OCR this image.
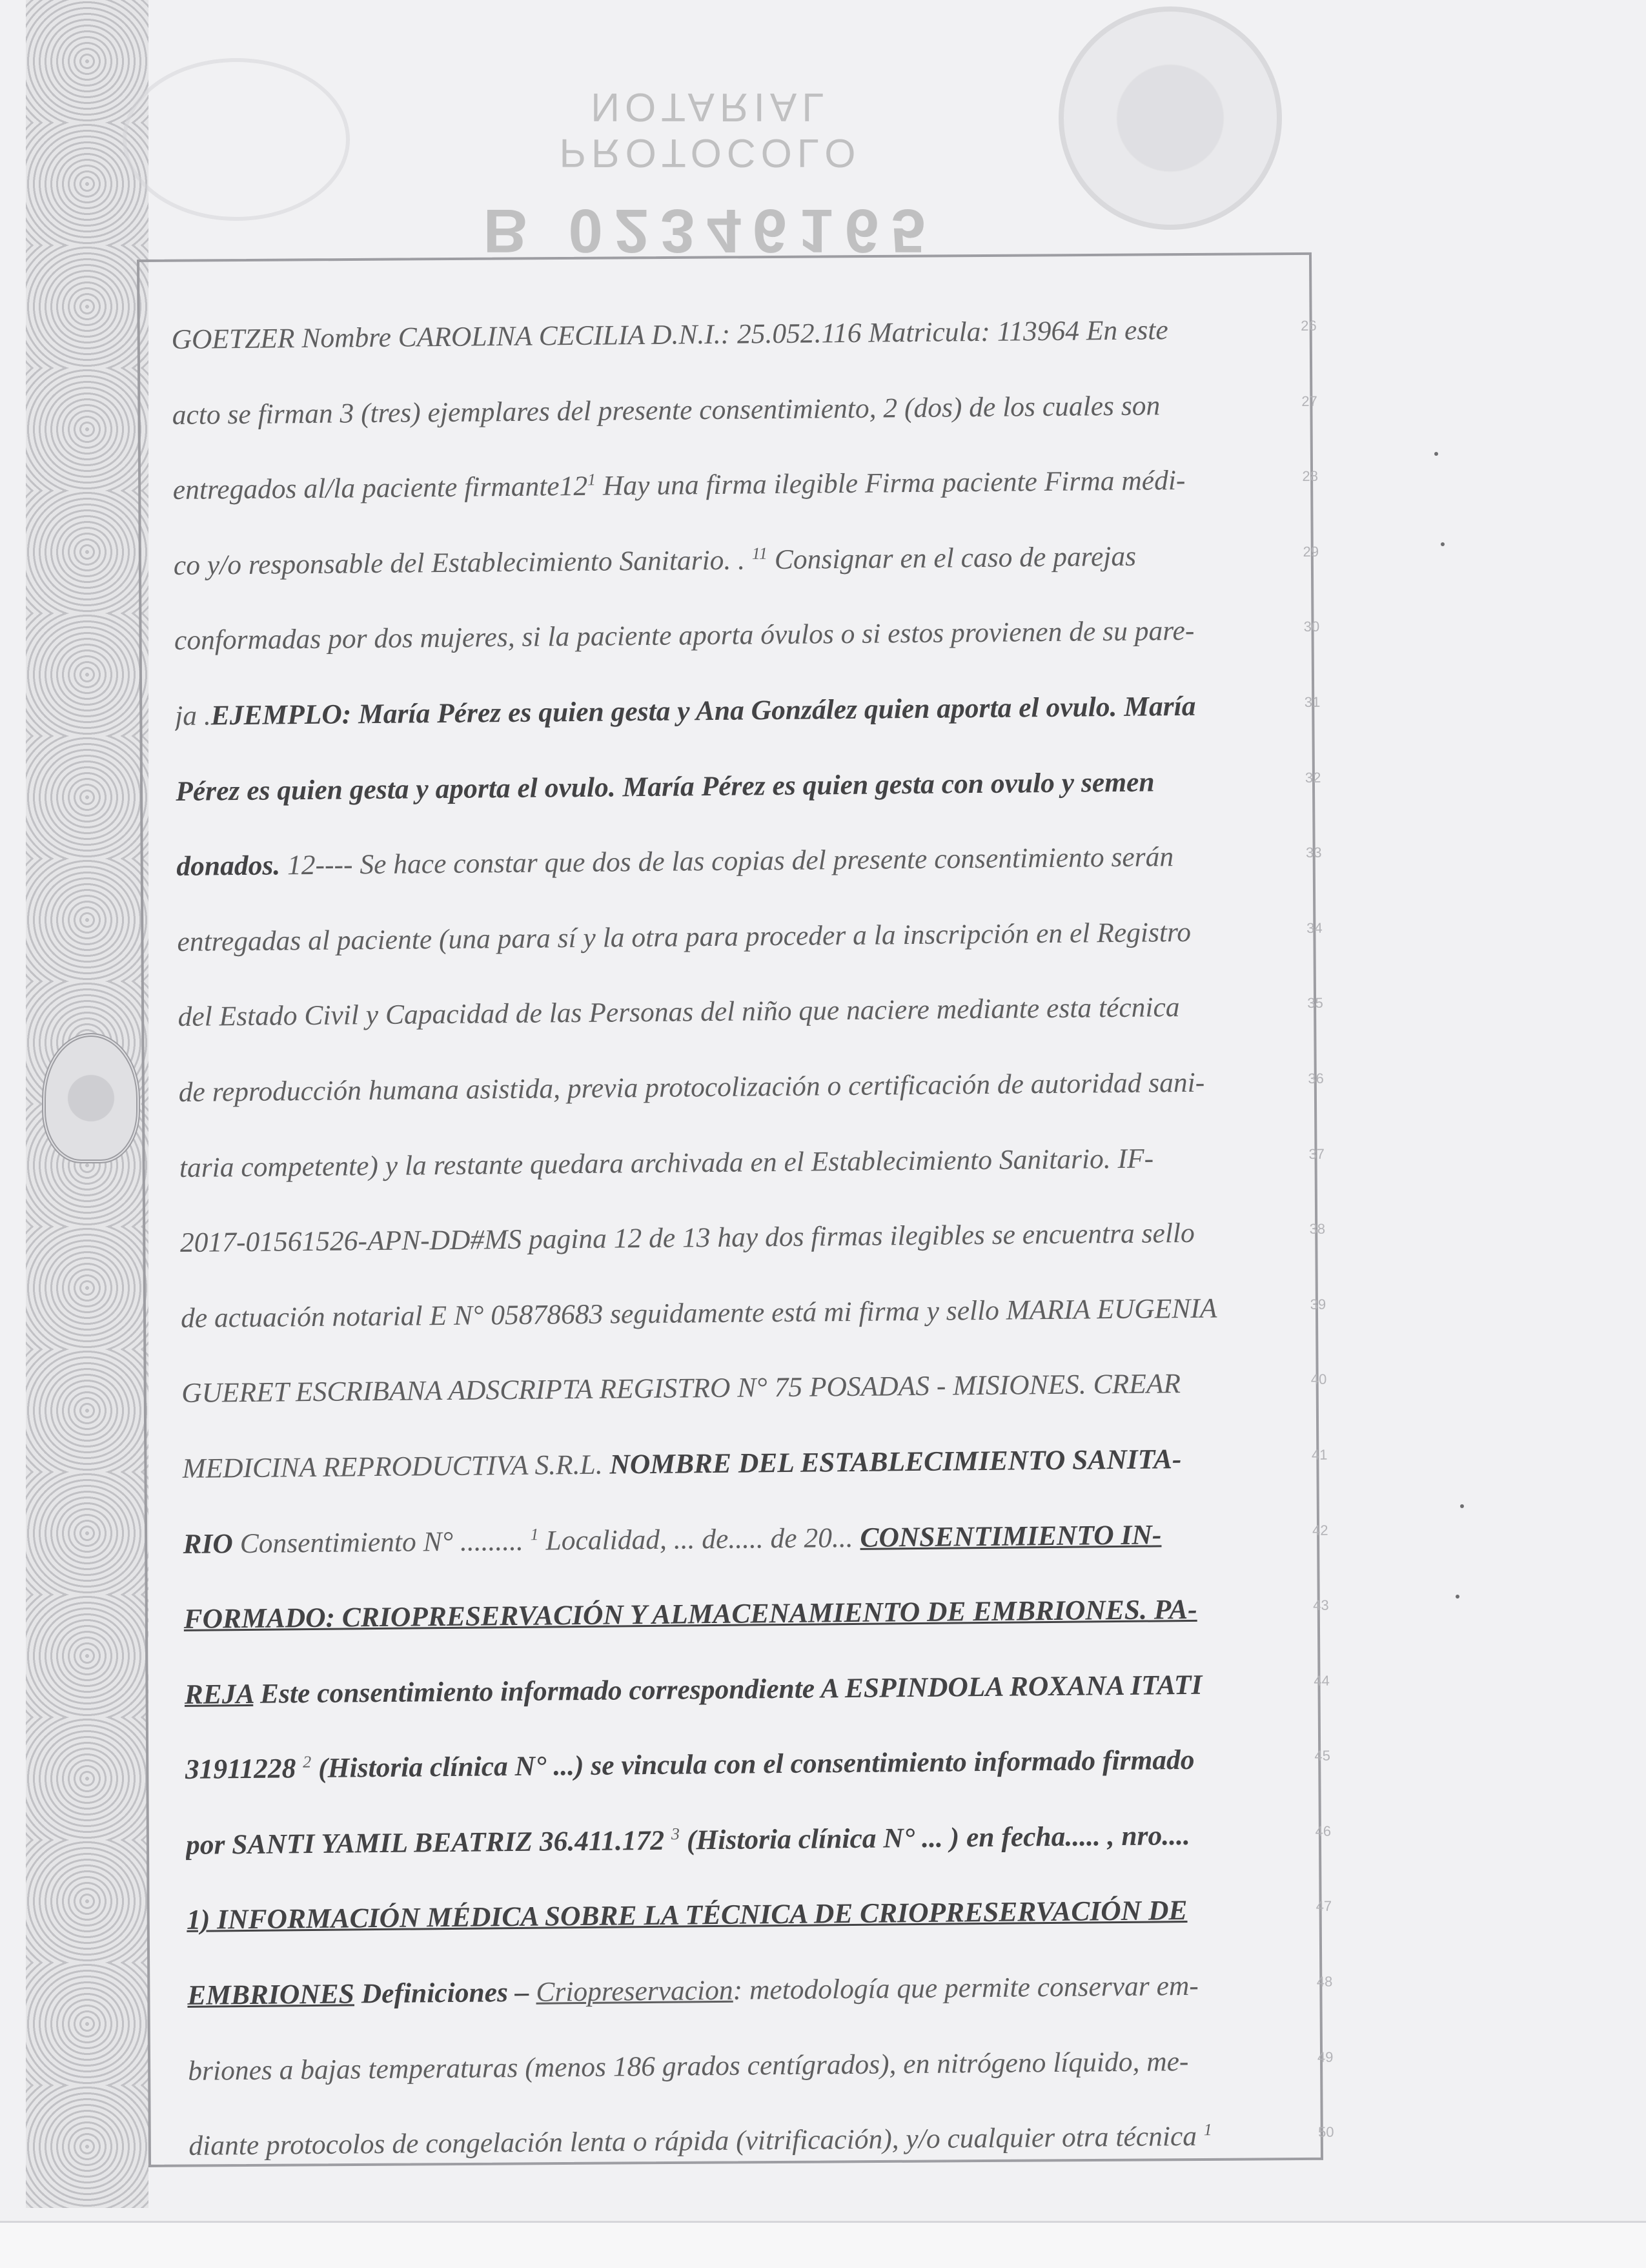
PROTOCOLO NOTARIAL
B 02346165
GOETZER Nombre CAROLINA CECILIA D.N.I.: 25.052.116 Matricula: 113964 En este
acto se firman 3 (tres) ejemplares del presente consentimiento, 2 (dos) de los cuales son
entregados al/la paciente $firmante12^1$ Hay una firma ilegible Firma paciente Firma médi-
co y/o responsable del Establecimiento Sanitario. . $^{11}$ Consignar en el caso de parejas
conformadas por dos mujeres, si la paciente aporta óvulos o si estos provienen de su pare-
ja .EJEMPLO: María Pérez es quien gesta y Ana González quien aporta el ovulo. María
Pérez es quien gesta y aporta el ovulo. María Pérez es quien gesta con ovulo y semen
donados. 12---- Se hace constar que dos de las copias del presente consentimiento serán
entregadas al paciente (una para sí y la otra para proceder a la inscripción en el Registro
del Estado Civil y Capacidad de las Personas del niño que naciere mediante esta técnica
de reproducción humana asistida, previa protocolización o certificación de autoridad sani-
taria competente) y la restante quedara archivada en el Establecimiento Sanitario. IF-
2017-01561526-APN-DD#MS pagina 12 de 13 hay dos firmas ilegibles se encuentra sello
de actuación notarial E N° 05878683 seguidamente está mi firma y sello MARIA EUGENIA
GUERET ESCRIBANA ADSCRIPTA REGISTRO N° 75 POSADAS - MISIONES. CREAR
MEDICINA REPRODUCTIVA S.R.L. NOMBRE DEL ESTABLECIMIENTO SANITA-
RIO Consentimiento N° ......... $^1$ Localidad, ... de..... de 20... CONSENTIMIENTO IN-
FORMADO: CRIOPRESERVACIÓN Y ALMACENAMIENTO DE EMBRIONES. PA-
REJA Este consentimiento informado correspondiente A ESPINDOLA ROXANA ITATI
31911228 $^2$ (Historia clínica N° ...) se vincula con el consentimiento informado firmado
por SANTI YAMIL BEATRIZ 36.411.172 $^3$ (Historia clínica N° ... ) en fecha..... , nro....
1) INFORMACIÓN MÉDICA SOBRE LA TÉCNICA DE CRIOPRESERVACIÓN DE
EMBRIONES Definiciones – Criopreservacion: metodología que permite conservar em-
briones a bajas temperaturas (menos 186 grados centígrados), en nitrógeno líquido, me-
diante protocolos de congelación lenta o rápida (vitrificación), y/o cualquier otra técnica $^1$
26
27
28
29
30
31
32
33
34
35
36
37
38
39
40
41
42
43
44
45
46
47
48
49
50
